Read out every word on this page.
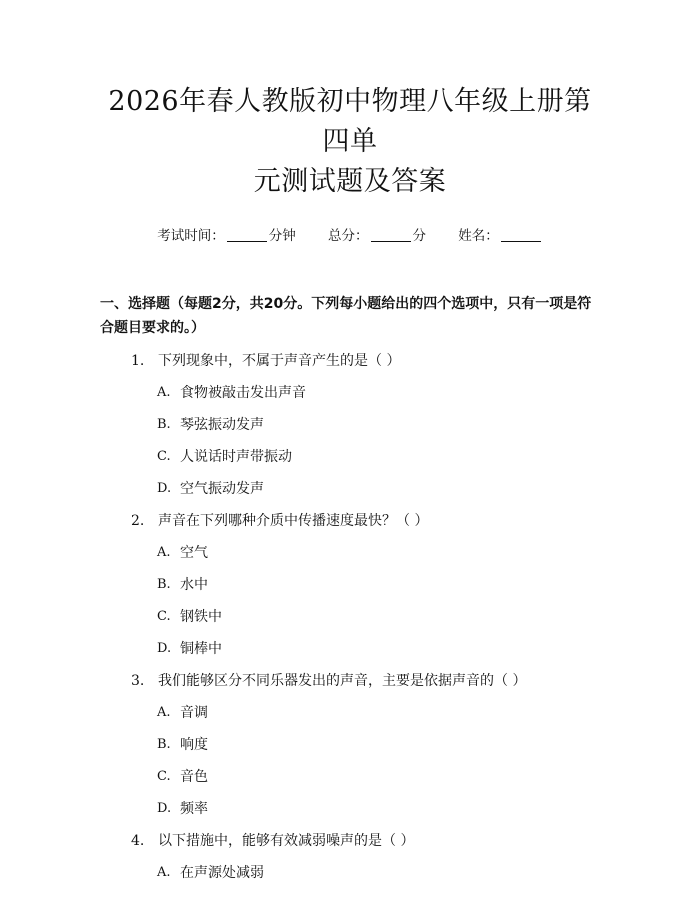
2026年春人教版初中物理八年级上册第四单
元测试题及答案
考试时间：	分钟 总分：	分 姓名：
一、选择题（每题2分，共20分。下列每小题给出的四个选项中，只有一项是符合题目要求的。）
1. 下列现象中，不属于声音产生的是（ ）
A. 食物被敲击发出声音
B. 琴弦振动发声
C. 人说话时声带振动
D. 空气振动发声
2. 声音在下列哪种介质中传播速度最快？（ ）
A. 空气
B. 水中
C. 钢铁中
D. 铜棒中
3. 我们能够区分不同乐器发出的声音，主要是依据声音的（ ）
A. 音调
B. 响度
C. 音色
D. 频率
4. 以下措施中，能够有效减弱噪声的是（ ）
A. 在声源处减弱
